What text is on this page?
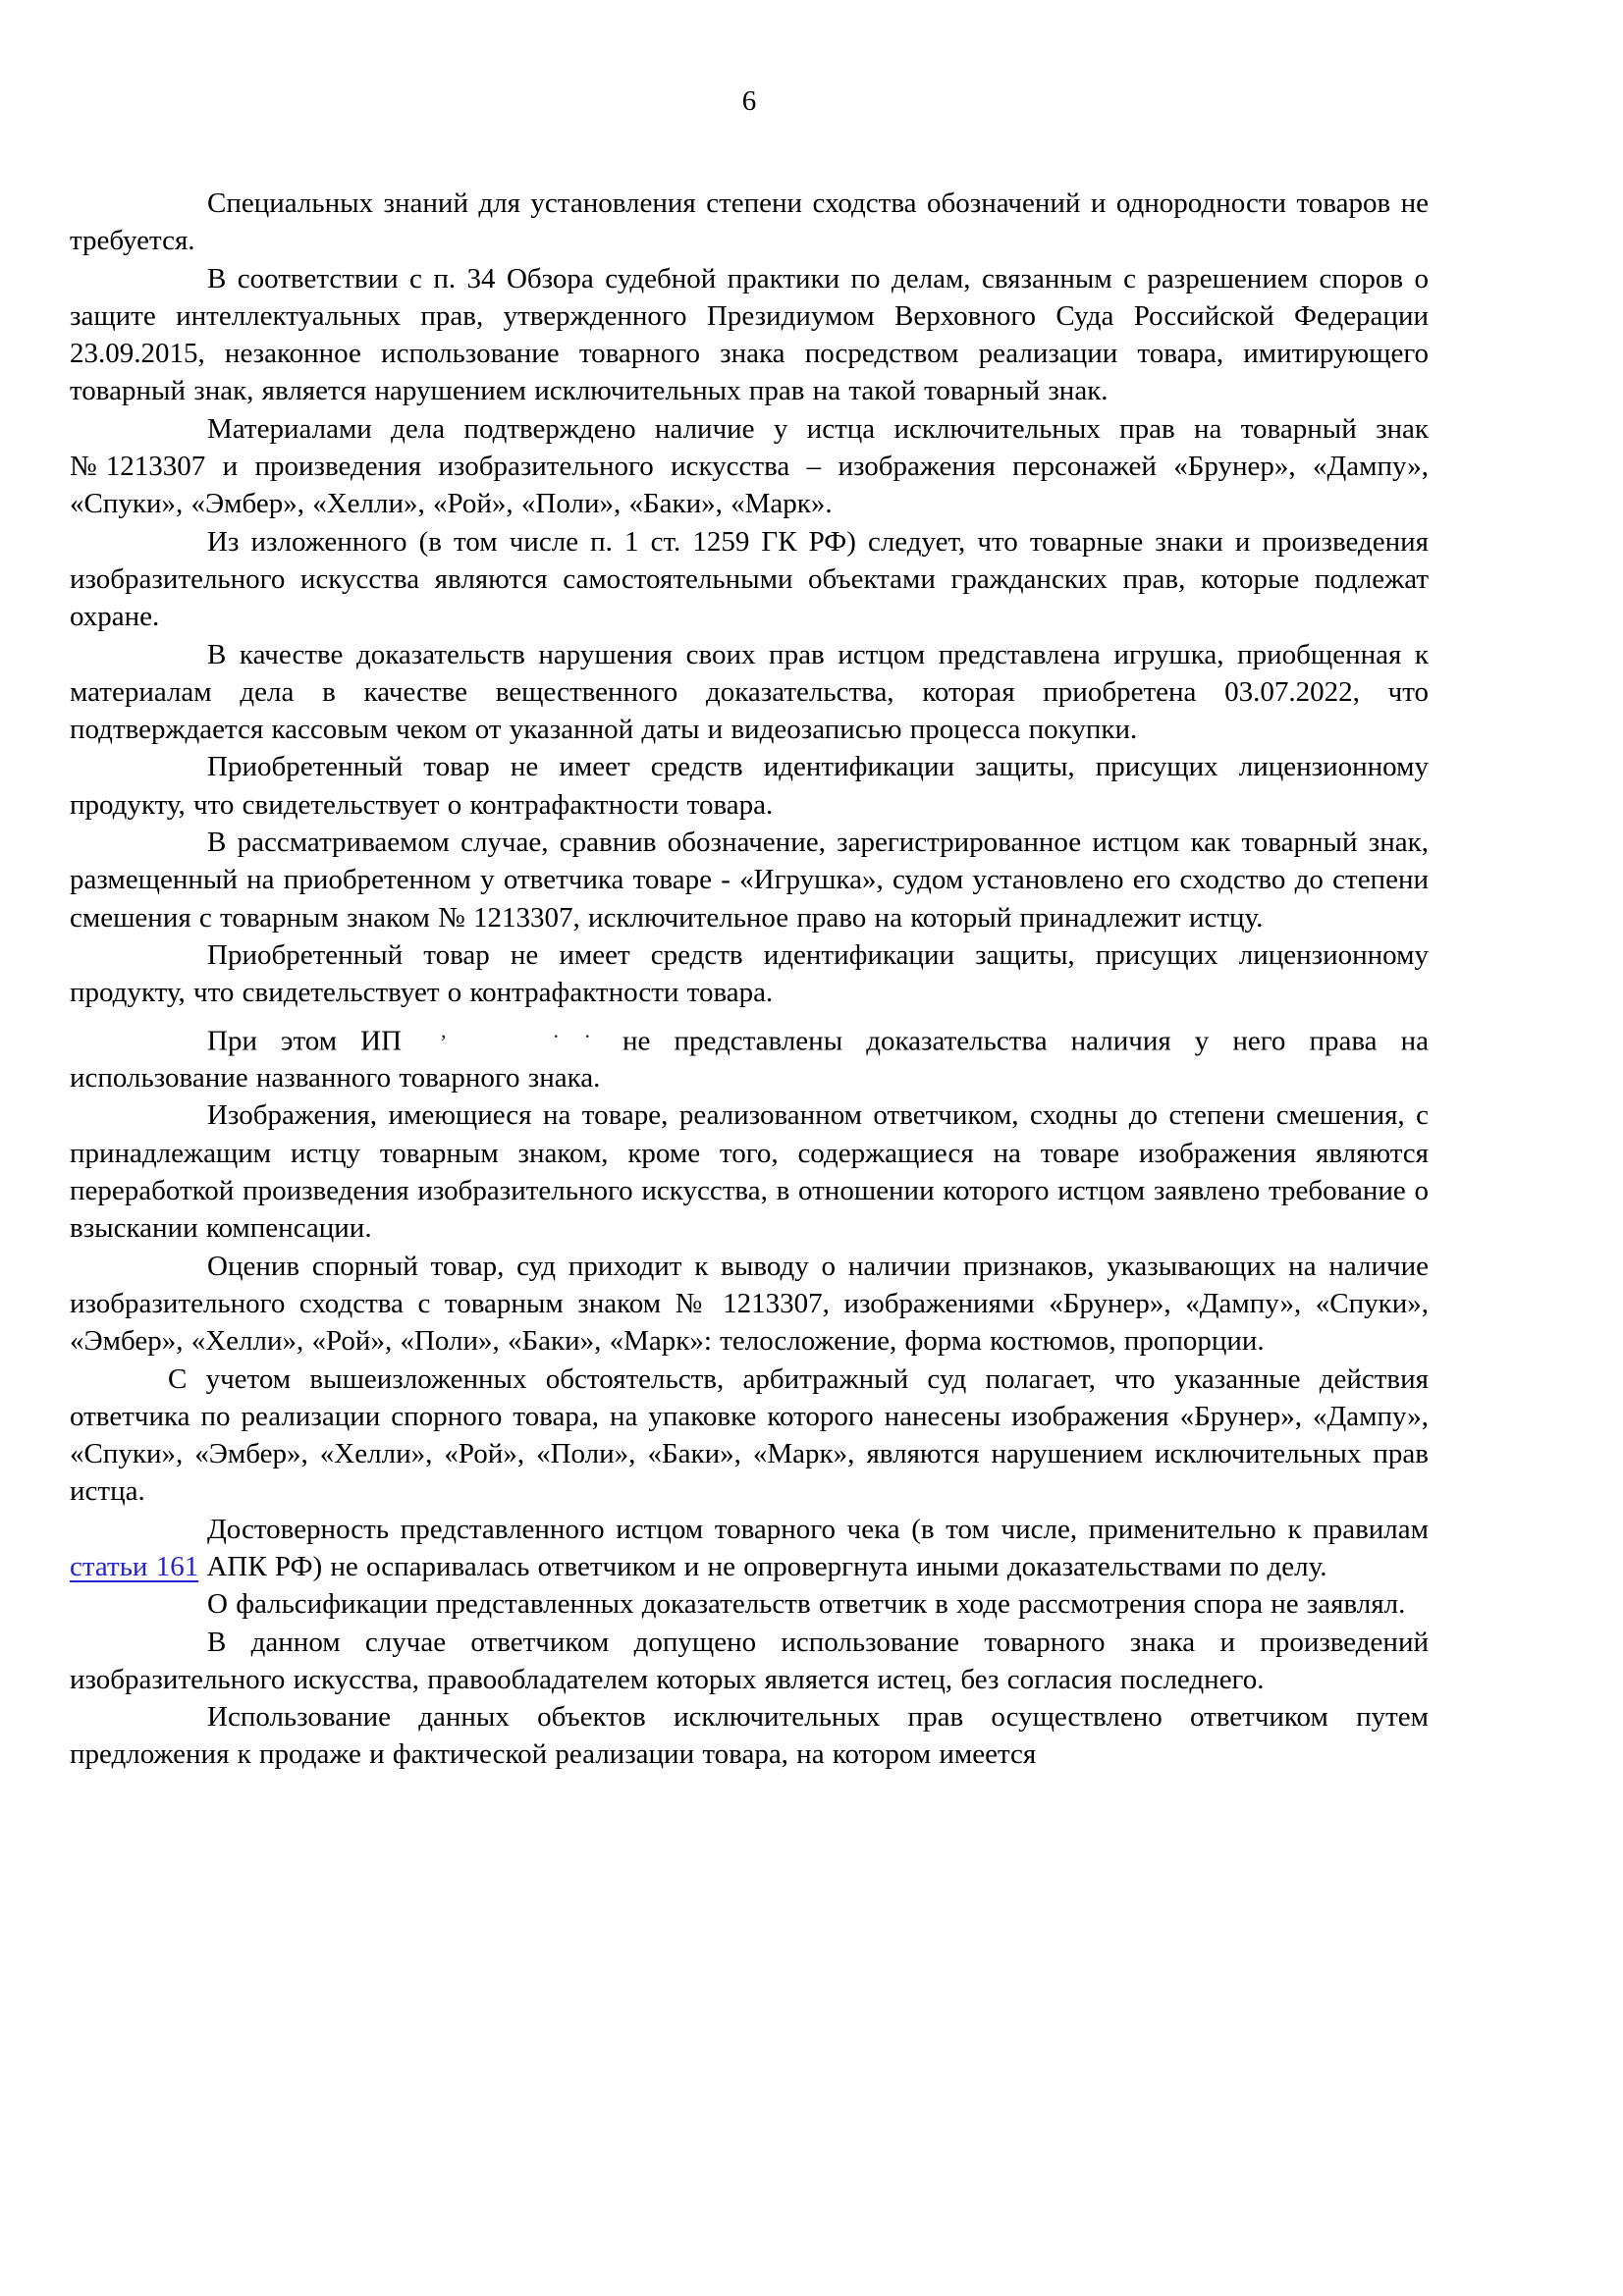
6

Специальных знаний для установления степени сходства обозначений и однородности товаров не требуется.

В соответствии с п. 34 Обзора судебной практики по делам, связанным с разрешением споров о защите интеллектуальных прав, утвержденного Президиумом Верховного Суда Российской Федерации 23.09.2015, незаконное использование товарного знака посредством реализации товара, имитирующего товарный знак, является нарушением исключительных прав на такой товарный знак.

Материалами дела подтверждено наличие у истца исключительных прав на товарный знак №1213307 и произведения изобразительного искусства – изображения персонажей «Брунер», «Дампу», «Спуки», «Эмбер», «Хелли», «Рой», «Поли», «Баки», «Марк».

Из изложенного (в том числе п. 1 ст. 1259 ГК РФ) следует, что товарные знаки и произведения изобразительного искусства являются самостоятельными объектами гражданских прав, которые подлежат охране.

В качестве доказательств нарушения своих прав истцом представлена игрушка, приобщенная к материалам дела в качестве вещественного доказательства, которая приобретена 03.07.2022, что подтверждается кассовым чеком от указанной даты и видеозаписью процесса покупки.

Приобретенный товар не имеет средств идентификации защиты, присущих лицензионному продукту, что свидетельствует о контрафактности товара.

В рассматриваемом случае, сравнив обозначение, зарегистрированное истцом как товарный знак, размещенный на приобретенном у ответчика товаре - «Игрушка», судом установлено его сходство до степени смешения с товарным знаком № 1213307, исключительное право на который принадлежит истцу.

Приобретенный товар не имеет средств идентификации защиты, присущих лицензионному продукту, что свидетельствует о контрафактности товара.

При этом ИП ,      . . не представлены доказательства наличия у него права на использование названного товарного знака.

Изображения, имеющиеся на товаре, реализованном ответчиком, сходны до степени смешения, с принадлежащим истцу товарным знаком, кроме того, содержащиеся на товаре изображения являются переработкой произведения изобразительного искусства, в отношении которого истцом заявлено требование о взыскании компенсации.

Оценив спорный товар, суд приходит к выводу о наличии признаков, указывающих на наличие изобразительного сходства с товарным знаком № 1213307, изображениями «Брунер», «Дампу», «Спуки», «Эмбер», «Хелли», «Рой», «Поли», «Баки», «Марк»: телосложение, форма костюмов, пропорции.

С учетом вышеизложенных обстоятельств, арбитражный суд полагает, что указанные действия ответчика по реализации спорного товара, на упаковке которого нанесены изображения «Брунер», «Дампу», «Спуки», «Эмбер», «Хелли», «Рой», «Поли», «Баки», «Марк», являются нарушением исключительных прав истца.

Достоверность представленного истцом товарного чека (в том числе, применительно к правилам статьи 161 АПК РФ) не оспаривалась ответчиком и не опровергнута иными доказательствами по делу.

О фальсификации представленных доказательств ответчик в ходе рассмотрения спора не заявлял.

В данном случае ответчиком допущено использование товарного знака и произведений изобразительного искусства, правообладателем которых является истец, без согласия последнего.

Использование данных объектов исключительных прав осуществлено ответчиком путем предложения к продаже и фактической реализации товара, на котором имеется
